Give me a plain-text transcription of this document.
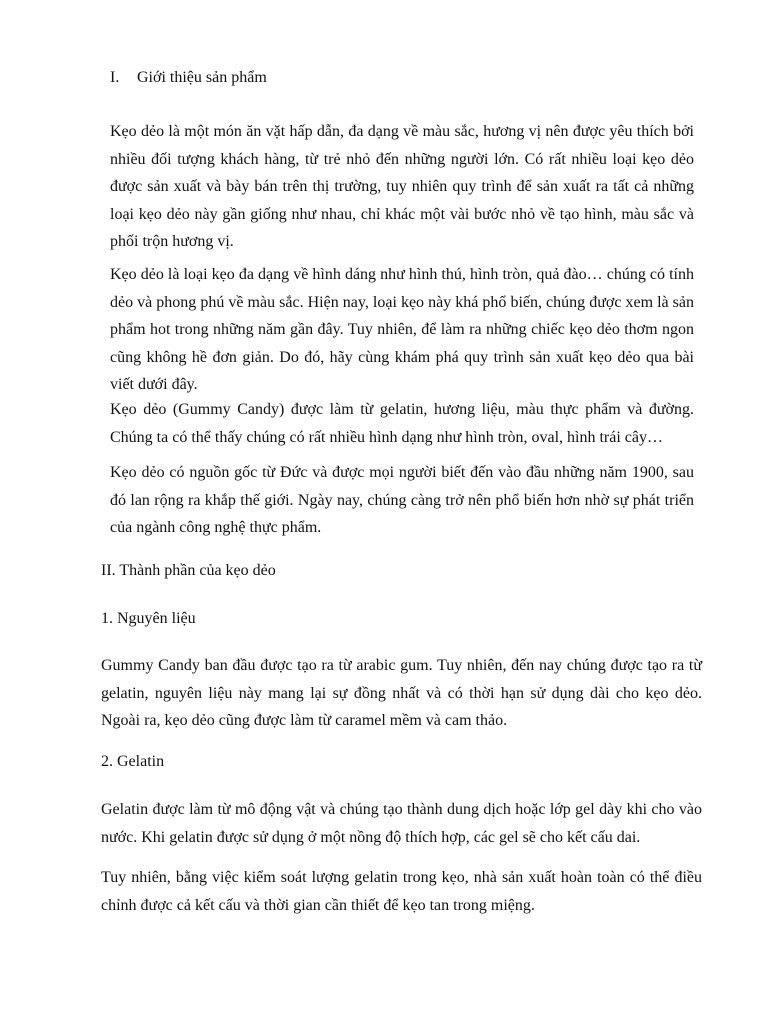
I. Giới thiệu sản phẩm

Kẹo dẻo là một món ăn vặt hấp dẫn, đa dạng về màu sắc, hương vị nên được yêu thích bởi nhiều đối tượng khách hàng, từ trẻ nhỏ đến những người lớn. Có rất nhiều loại kẹo dẻo được sản xuất và bày bán trên thị trường, tuy nhiên quy trình để sản xuất ra tất cả những loại kẹo dẻo này gần giống như nhau, chỉ khác một vài bước nhỏ về tạo hình, màu sắc và phối trộn hương vị.

Kẹo dẻo là loại kẹo đa dạng về hình dáng như hình thú, hình tròn, quả đào… chúng có tính dẻo và phong phú về màu sắc. Hiện nay, loại kẹo này khá phổ biến, chúng được xem là sản phẩm hot trong những năm gần đây. Tuy nhiên, để làm ra những chiếc kẹo dẻo thơm ngon cũng không hề đơn giản. Do đó, hãy cùng khám phá quy trình sản xuất kẹo dẻo qua bài viết dưới đây.

Kẹo dẻo (Gummy Candy) được làm từ gelatin, hương liệu, màu thực phẩm và đường. Chúng ta có thể thấy chúng có rất nhiều hình dạng như hình tròn, oval, hình trái cây…

Kẹo dẻo có nguồn gốc từ Đức và được mọi người biết đến vào đầu những năm 1900, sau đó lan rộng ra khắp thế giới. Ngày nay, chúng càng trở nên phổ biến hơn nhờ sự phát triển của ngành công nghệ thực phẩm.

II. Thành phần của kẹo dẻo
1. Nguyên liệu

Gummy Candy ban đầu được tạo ra từ arabic gum. Tuy nhiên, đến nay chúng được tạo ra từ gelatin, nguyên liệu này mang lại sự đồng nhất và có thời hạn sử dụng dài cho kẹo dẻo. Ngoài ra, kẹo dẻo cũng được làm từ caramel mềm và cam thảo.

2. Gelatin

Gelatin được làm từ mô động vật và chúng tạo thành dung dịch hoặc lớp gel dày khi cho vào nước. Khi gelatin được sử dụng ở một nồng độ thích hợp, các gel sẽ cho kết cấu dai.

Tuy nhiên, bằng việc kiểm soát lượng gelatin trong kẹo, nhà sản xuất hoàn toàn có thể điều chỉnh được cả kết cấu và thời gian cần thiết để kẹo tan trong miệng.
